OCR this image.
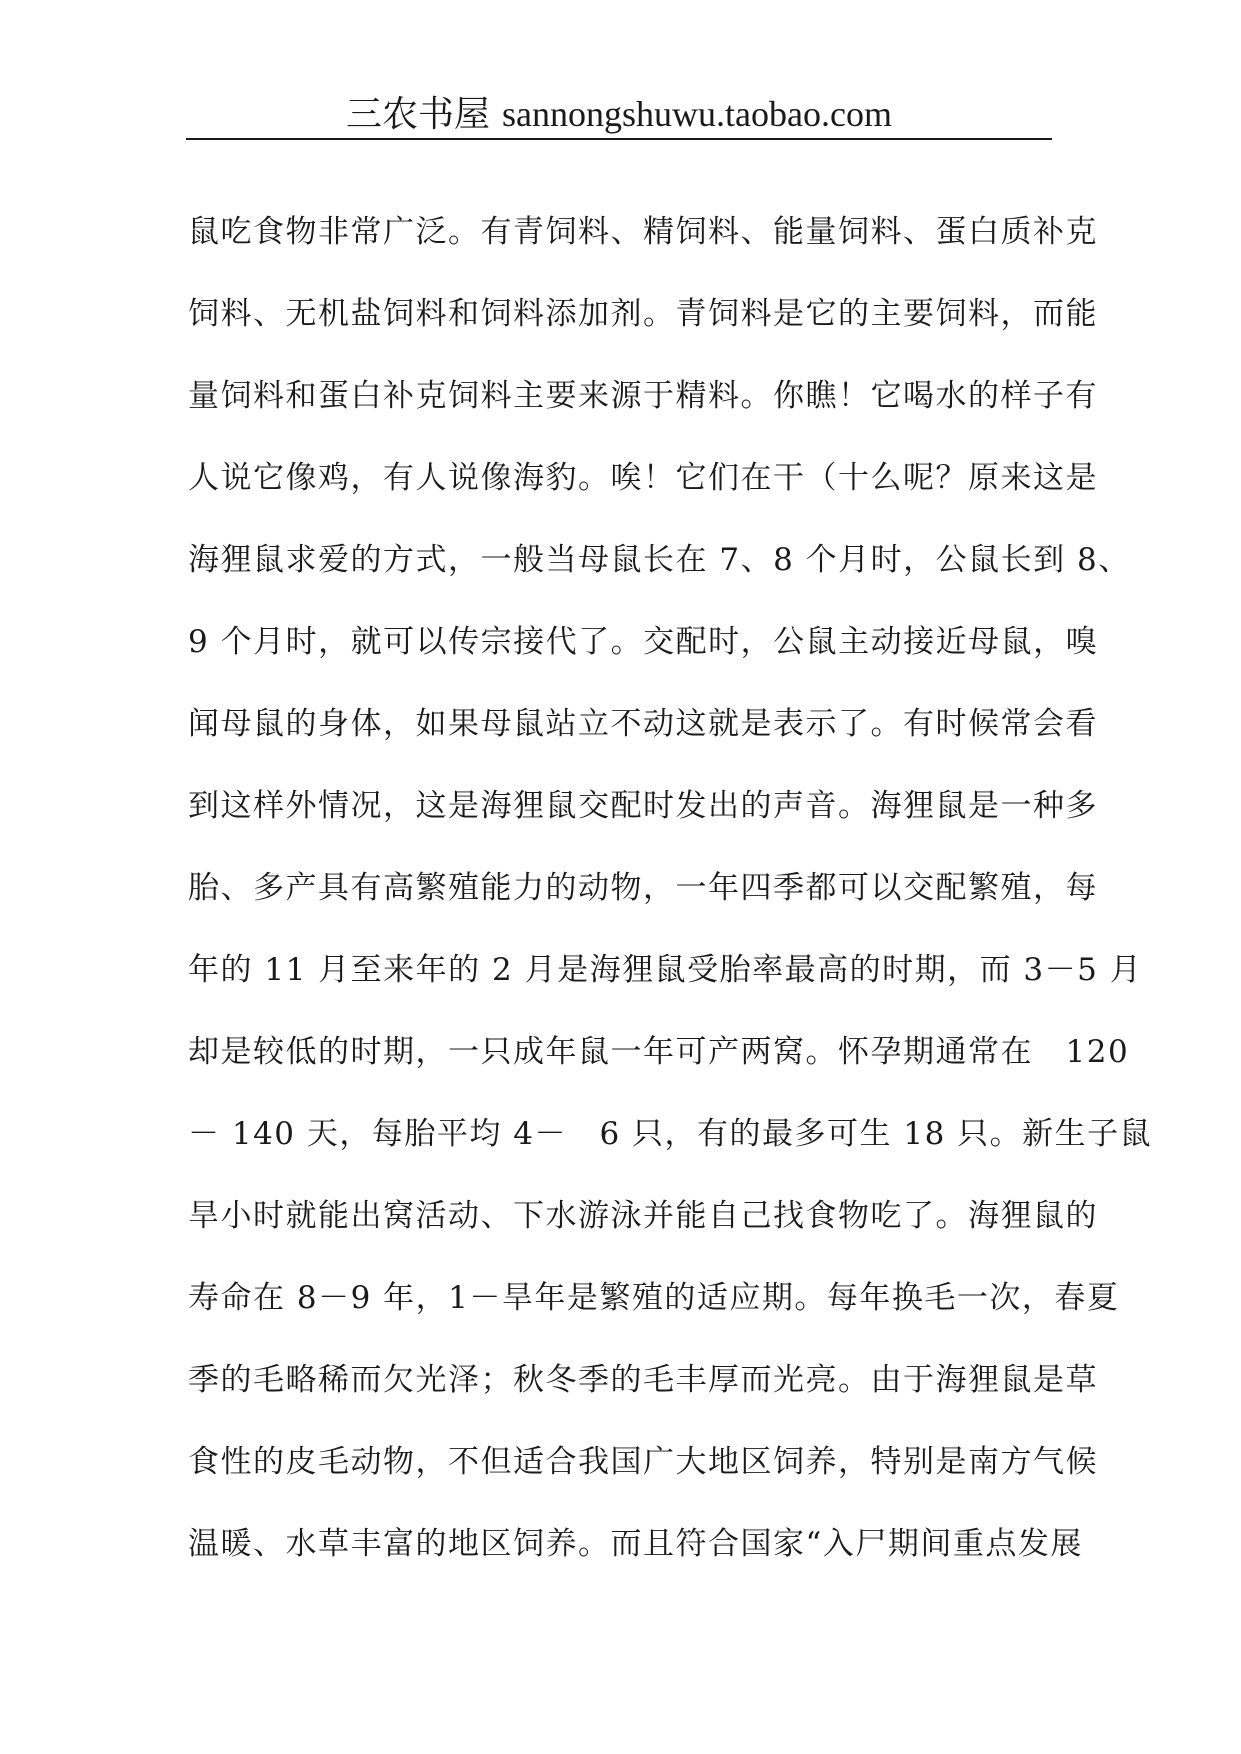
三农书屋 sannongshuwu.taobao.com
鼠吃食物非常广泛。有青饲料、精饲料、能量饲料、蛋白质补克
饲料、无机盐饲料和饲料添加剂。青饲料是它的主要饲料，而能
量饲料和蛋白补克饲料主要来源于精料。你瞧！它喝水的样子有
人说它像鸡，有人说像海豹。唉！它们在干（十么呢？原来这是
海狸鼠求爱的方式，一般当母鼠长在 7、8 个月时，公鼠长到 8、
9 个月时，就可以传宗接代了。交配时，公鼠主动接近母鼠，嗅
闻母鼠的身体，如果母鼠站立不动这就是表示了。有时候常会看
到这样外情况，这是海狸鼠交配时发出的声音。海狸鼠是一种多
胎、多产具有高繁殖能力的动物，一年四季都可以交配繁殖，每
年的 11 月至来年的 2 月是海狸鼠受胎率最高的时期，而 3－5 月
却是较低的时期，一只成年鼠一年可产两窝。怀孕期通常在　120
－ 140 天，每胎平均 4－　6 只，有的最多可生 18 只。新生子鼠
旱小时就能出窝活动、下水游泳并能自己找食物吃了。海狸鼠的
寿命在 8－9 年，1－旱年是繁殖的适应期。每年换毛一次，春夏
季的毛略稀而欠光泽；秋冬季的毛丰厚而光亮。由于海狸鼠是草
食性的皮毛动物，不但适合我国广大地区饲养，特别是南方气候
温暖、水草丰富的地区饲养。而且符合国家“入尸期间重点发展
